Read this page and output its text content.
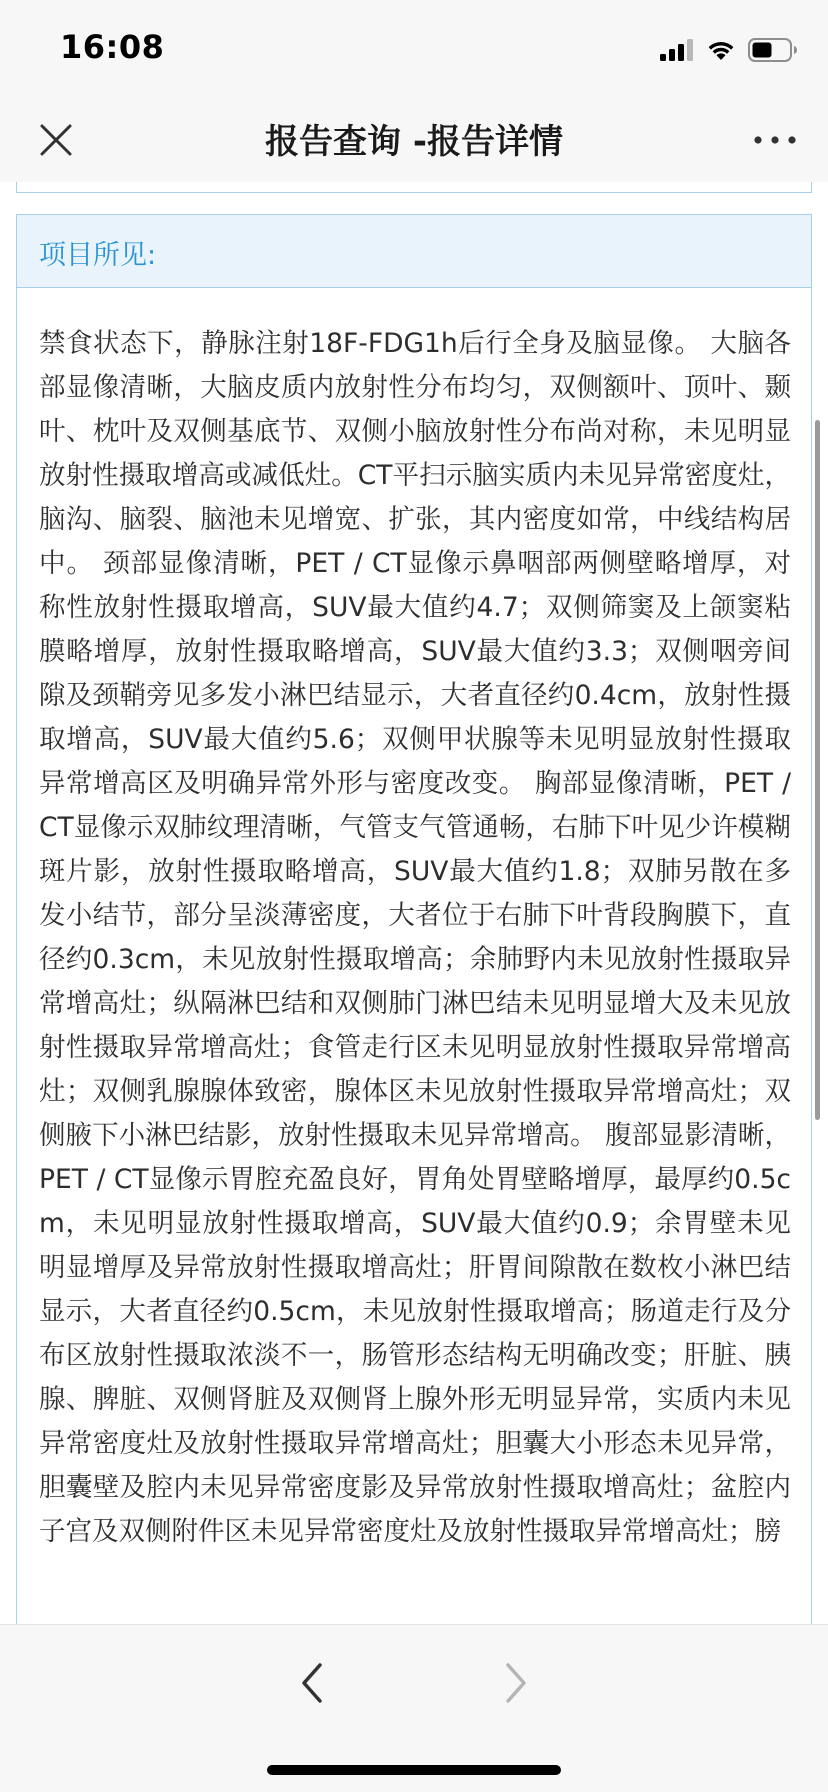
16:08
报告查询 -报告详情
项目所见:
禁食状态下，静脉注射18F-FDG1h后行全身及脑显像。 大脑各部显像清晰，大脑皮质内放射性分布均匀，双侧额叶、顶叶、颞叶、枕叶及双侧基底节、双侧小脑放射性分布尚对称，未见明显放射性摄取增高或减低灶。CT平扫示脑实质内未见异常密度灶，脑沟、脑裂、脑池未见增宽、扩张，其内密度如常，中线结构居中。 颈部显像清晰，PET / CT显像示鼻咽部两侧壁略增厚，对称性放射性摄取增高，SUV最大值约4.7；双侧筛窦及上颌窦粘膜略增厚，放射性摄取略增高，SUV最大值约3.3；双侧咽旁间隙及颈鞘旁见多发小淋巴结显示，大者直径约0.4cm，放射性摄取增高，SUV最大值约5.6；双侧甲状腺等未见明显放射性摄取异常增高区及明确异常外形与密度改变。 胸部显像清晰，PET / CT显像示双肺纹理清晰，气管支气管通畅，右肺下叶见少许模糊斑片影，放射性摄取略增高，SUV最大值约1.8；双肺另散在多发小结节，部分呈淡薄密度，大者位于右肺下叶背段胸膜下，直径约0.3cm，未见放射性摄取增高；余肺野内未见放射性摄取异常增高灶；纵隔淋巴结和双侧肺门淋巴结未见明显增大及未见放射性摄取异常增高灶；食管走行区未见明显放射性摄取异常增高灶；双侧乳腺腺体致密，腺体区未见放射性摄取异常增高灶；双侧腋下小淋巴结影，放射性摄取未见异常增高。 腹部显影清晰，PET / CT显像示胃腔充盈良好，胃角处胃壁略增厚，最厚约0.5cm，未见明显放射性摄取增高，SUV最大值约0.9；余胃壁未见明显增厚及异常放射性摄取增高灶；肝胃间隙散在数枚小淋巴结显示，大者直径约0.5cm，未见放射性摄取增高；肠道走行及分布区放射性摄取浓淡不一，肠管形态结构无明确改变；肝脏、胰腺、脾脏、双侧肾脏及双侧肾上腺外形无明显异常，实质内未见异常密度灶及放射性摄取异常增高灶；胆囊大小形态未见异常，胆囊壁及腔内未见异常密度影及异常放射性摄取增高灶；盆腔内子宫及双侧附件区未见异常密度灶及放射性摄取异常增高灶；膀
